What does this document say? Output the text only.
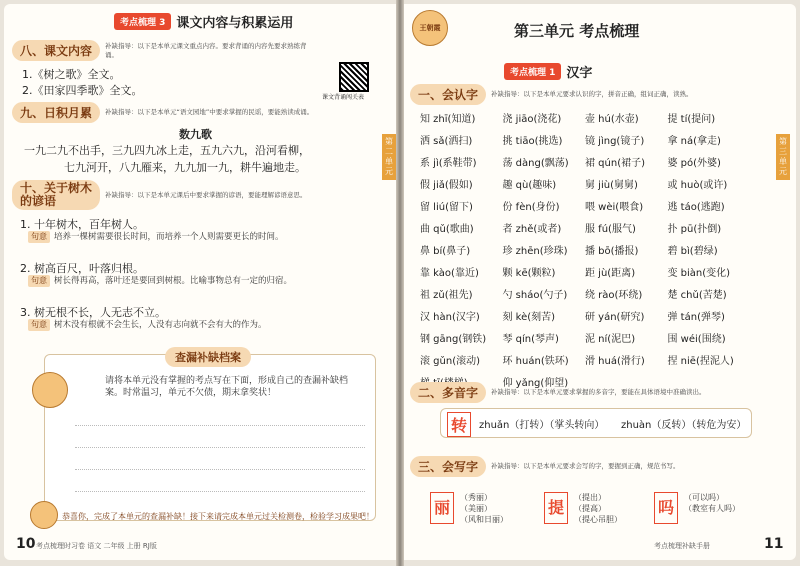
考点梳理 3 课文内容与积累运用
八、课文内容	补缺指导：以下是本单元课文重点内容。要求背诵的内容先要求熟练背诵。
1.《树之歌》全文。
2.《田家四季歌》全文。
课文背诵闯关表
九、日积月累	补缺指导：以下是本单元“语文园地”中要求掌握的民谣，要能熟读成诵。
数九歌
一九二九不出手，三九四九冰上走，五九六九，沿河看柳，
七九河开，八九雁来，九九加一九，耕牛遍地走。
十、关于树木
的谚语	补缺指导：以下是本单元课后中要求掌握的谚语，要能理解谚语意思。
1. 十年树木，百年树人。
句意 培养一棵树需要很长时间，而培养一个人则需要更长的时间。
2. 树高百尺，叶落归根。
句意 树长得再高，落叶还是要回到树根。比喻事物总有一定的归宿。
3. 树无根不长，人无志不立。
句意 树木没有根就不会生长，人没有志向就不会有大的作为。
查漏补缺档案
请将本单元没有掌握的考点写在下面，形成自己的查漏补缺档案。时常温习，单元不欠债，期末拿奖状！
恭喜你，完成了本单元的查漏补缺！接下来请完成本单元过关检测卷，检验学习成果吧！
10 考点梳理时习卷 语文 二年级 上册 RJ版
第二单元
王朝霞	第三单元 考点梳理
考点梳理 1 汉字
一、会认字	补缺指导：以下是本单元要求认识的字，拼音正确，组词正确，读熟。
知 zhī(知道)	浇 jiāo(浇花)	壶 hú(水壶)	提 tí(提问)
洒 sǎ(洒扫)	挑 tiāo(挑选)	镜 jìng(镜子)	拿 ná(拿走)
系 jì(系鞋带)	荡 dàng(飘荡)	裙 qún(裙子)	婆 pó(外婆)
假 jiǎ(假如)	趣 qù(趣味)	舅 jiù(舅舅)	或 huò(或许)
留 liú(留下)	份 fèn(身份)	喂 wèi(喂食)	逃 táo(逃跑)
曲 qǔ(歌曲)	者 zhě(或者)	服 fú(服气)	扑 pū(扑倒)
鼻 bí(鼻子)	珍 zhēn(珍珠)	播 bō(播报)	碧 bì(碧绿)
靠 kào(靠近)	颗 kē(颗粒)	距 jù(距离)	变 biàn(变化)
祖 zǔ(祖先)	勺 sháo(勺子)	绕 rào(环绕)	楚 chǔ(苦楚)
汉 hàn(汉字)	刻 kè(刻苦)	研 yán(研究)	弹 tán(弹琴)
钢 gāng(钢铁)	琴 qín(琴声)	泥 ní(泥巴)	围 wéi(围绕)
滚 gǔn(滚动)	环 huán(铁环)	滑 huá(滑行)	捏 niē(捏泥人)
仰 yǎng(仰望)
二、多音字	补缺指导：以下是本单元要求掌握的多音字，要能在具体语境中准确读出。
转	zhuǎn（打转）（掌头转向） zhuàn（反转）（转危为安）
三、会写字	补缺指导：以下是本单元要求会写的字，要握到正确，规范书写。
丽
（秀丽）
（美丽）
（风和日丽）
提
（提出）
（提高）
（提心吊胆）
吗
（可以吗）
（教室有人吗）
考点梳理补缺手册	11
第三单元
